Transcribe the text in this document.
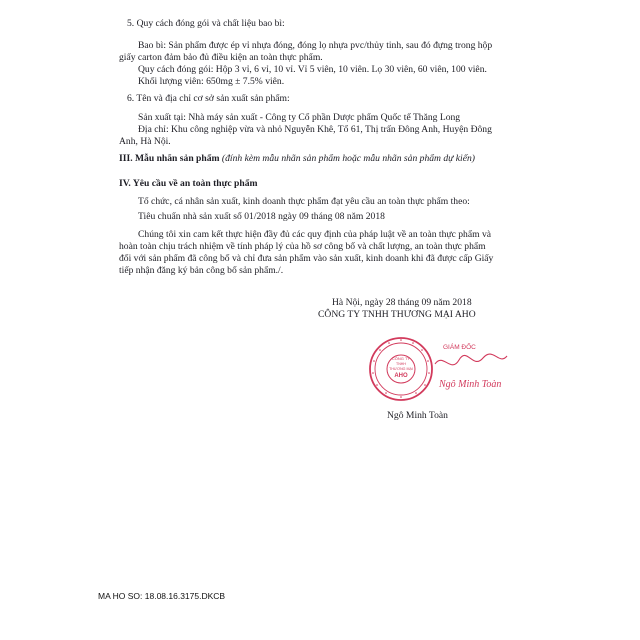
5. Quy cách đóng gói và chất liệu bao bì:
Bao bì: Sản phẩm được ép vỉ nhựa đóng, đóng lọ nhựa pvc/thủy tinh, sau đó đựng trong hộp
giấy carton đảm bảo đủ điều kiện an toàn thực phẩm.
Quy cách đóng gói: Hộp 3 vỉ, 6 vỉ, 10 vỉ. Vỉ 5 viên, 10 viên. Lọ 30 viên, 60 viên, 100 viên.
Khối lượng viên: 650mg ± 7.5% viên.
6. Tên và địa chỉ cơ sở sản xuất sản phẩm:
Sản xuất tại: Nhà máy sản xuất - Công ty Cổ phần Dược phẩm Quốc tế Thăng Long
Địa chỉ: Khu công nghiệp vừa và nhỏ Nguyễn Khê, Tổ 61, Thị trấn Đông Anh, Huyện Đông
Anh, Hà Nội.
III. Mẫu nhãn sản phẩm (đính kèm mẫu nhãn sản phẩm hoặc mẫu nhãn sản phẩm dự kiến)
IV. Yêu cầu về an toàn thực phẩm
Tổ chức, cá nhân sản xuất, kinh doanh thực phẩm đạt yêu cầu an toàn thực phẩm theo:
Tiêu chuẩn nhà sản xuất số 01/2018 ngày 09 tháng 08 năm 2018
Chúng tôi xin cam kết thực hiện đầy đủ các quy định của pháp luật về an toàn thực phẩm và
hoàn toàn chịu trách nhiệm về tính pháp lý của hồ sơ công bố và chất lượng, an toàn thực phẩm
đối với sản phẩm đã công bố và chỉ đưa sản phẩm vào sản xuất, kinh doanh khi đã được cấp Giấy
tiếp nhận đăng ký bản công bố sản phẩm./.
Hà Nội, ngày 28 tháng 09 năm 2018
CÔNG TY TNHH THƯƠNG MẠI AHO
CÔNG TY
TNHH
THƯƠNG MẠI
AHO
GIÁM ĐỐC
Ngô Minh Toàn
Ngô Minh Toàn
MA HO SO: 18.08.16.3175.DKCB
